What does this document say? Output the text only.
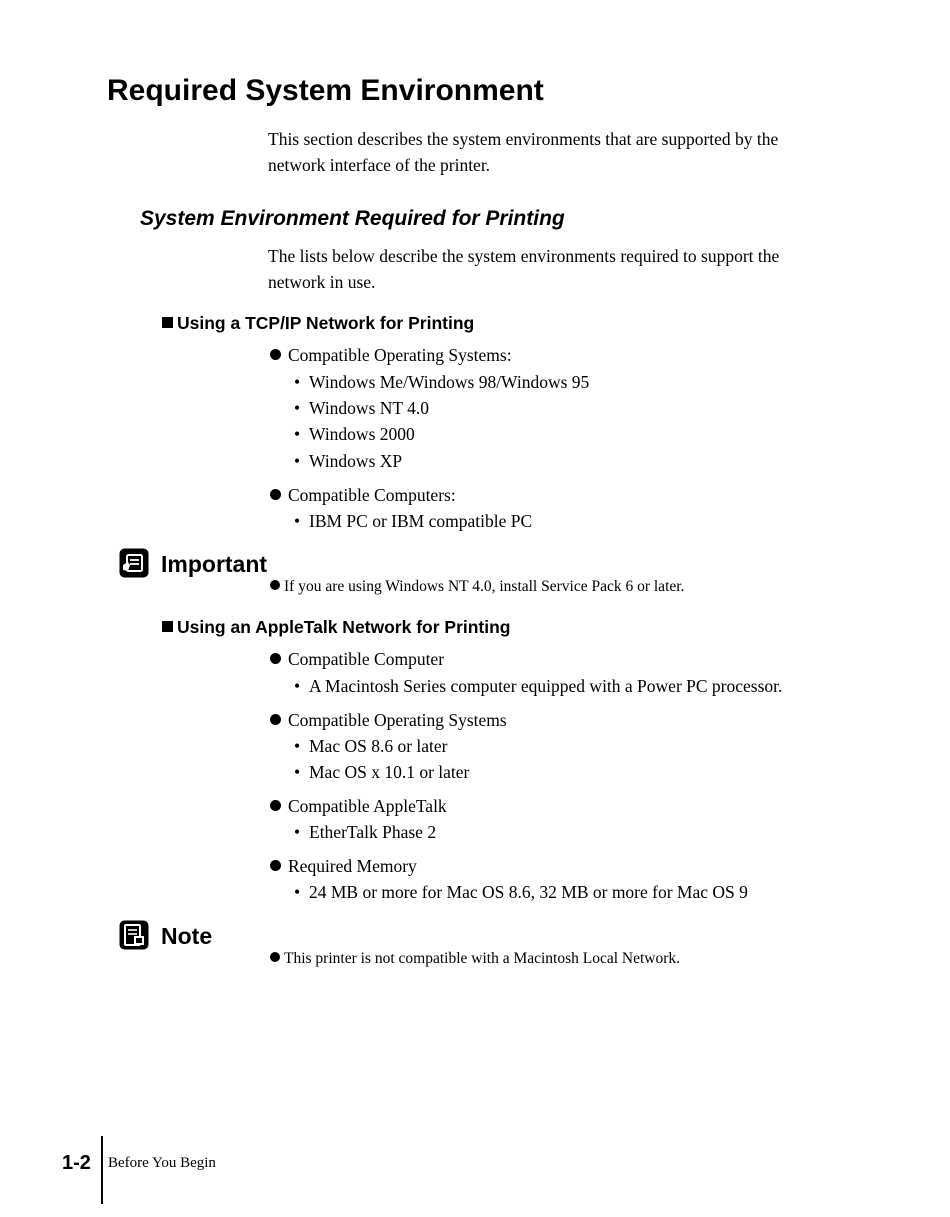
Required System Environment
This section describes the system environments that are supported by the network interface of the printer.
System Environment Required for Printing
The lists below describe the system environments required to support the network in use.
Using a TCP/IP Network for Printing
Compatible Operating Systems:
• Windows Me/Windows 98/Windows 95
• Windows NT 4.0
• Windows 2000
• Windows XP
Compatible Computers:
• IBM PC or IBM compatible PC
Important
If you are using Windows NT 4.0, install Service Pack 6 or later.
Using an AppleTalk Network for Printing
Compatible Computer
• A Macintosh Series computer equipped with a Power PC processor.
Compatible Operating Systems
• Mac OS 8.6 or later
• Mac OS x 10.1 or later
Compatible AppleTalk
• EtherTalk Phase 2
Required Memory
• 24 MB or more for Mac OS 8.6, 32 MB or more for Mac OS 9
Note
This printer is not compatible with a Macintosh Local Network.
1-2 Before You Begin
